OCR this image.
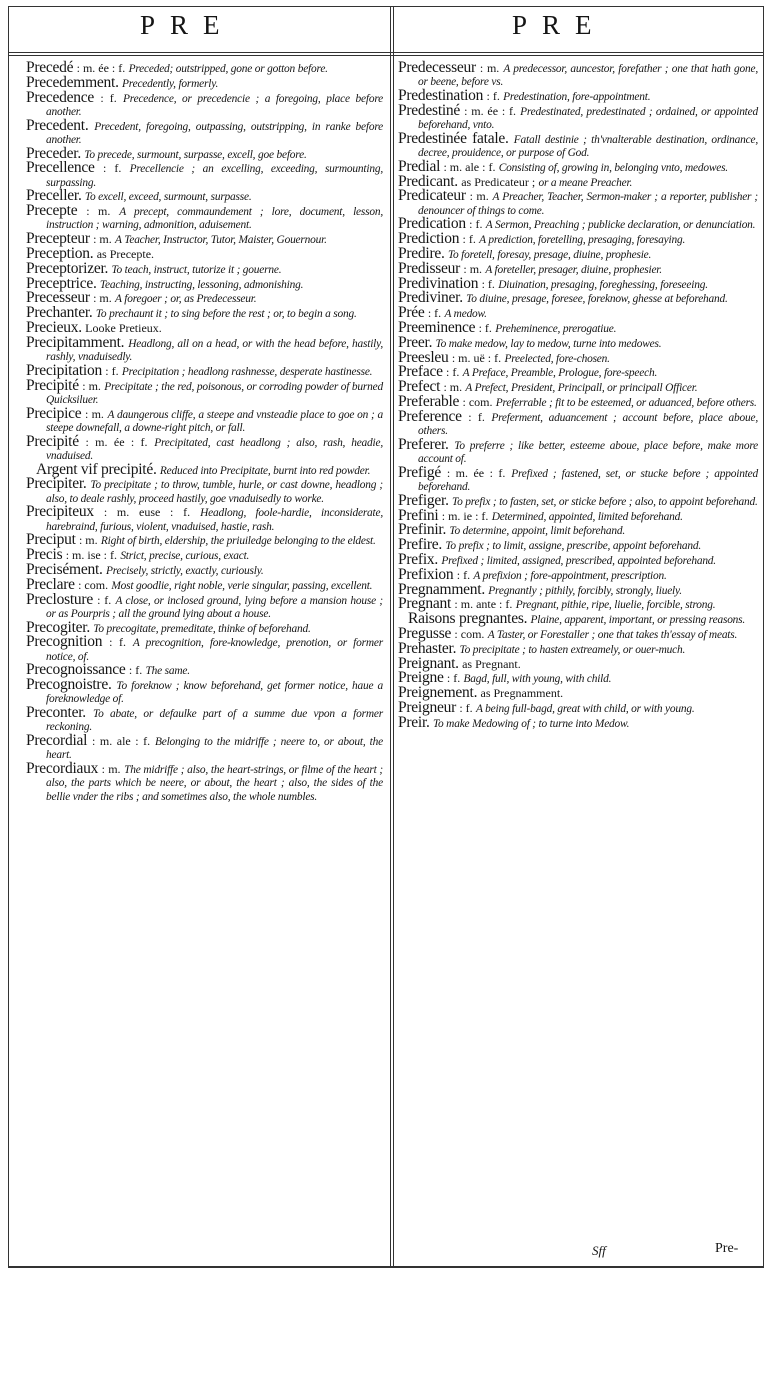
PRE	PRE

Precedé : m. ée : f. Preceded; outstripped, gone or gotton before.

Precedemment. Precedently, formerly.

Precedence : f. Precedence, or precedencie ; a foregoing, place before another.

Precedent. Precedent, foregoing, outpassing, outstripping, in ranke before another.

Preceder. To precede, surmount, surpasse, excell, goe before.

Precellence : f. Precellencie ; an excelling, exceeding, surmounting, surpassing.

Preceller. To excell, exceed, surmount, surpasse.

Precepte : m. A precept, commaundement ; lore, document, lesson, instruction ; warning, admonition, aduisement.

Precepteur : m. A Teacher, Instructor, Tutor, Maister, Gouernour.

Preception. as Precepte.

Preceptorizer. To teach, instruct, tutorize it ; gouerne.

Preceptrice. Teaching, instructing, lessoning, admonishing.

Precesseur : m. A foregoer ; or, as Predecesseur.

Prechanter. To prechaunt it ; to sing before the rest ; or, to begin a song.

Precieux. Looke Pretieux.

Precipitamment. Headlong, all on a head, or with the head before, hastily, rashly, vnaduisedly.

Precipitation : f. Precipitation ; headlong rashnesse, desperate hastinesse.

Precipité : m. Precipitate ; the red, poisonous, or corroding powder of burned Quicksiluer.

Precipice : m. A daungerous cliffe, a steepe and vnsteadie place to goe on ; a steepe downefall, a downe-right pitch, or fall.

Precipité : m. ée : f. Precipitated, cast headlong ; also, rash, headie, vnaduised.

Argent vif precipité. Reduced into Precipitate, burnt into red powder.

Precipiter. To precipitate ; to throw, tumble, hurle, or cast downe, headlong ; also, to deale rashly, proceed hastily, goe vnaduisedly to worke.

Precipiteux : m. euse : f. Headlong, foole-hardie, inconsiderate, harebraind, furious, violent, vnaduised, hastie, rash.

Preciput : m. Right of birth, eldership, the priuiledge belonging to the eldest.

Precis : m. ise : f. Strict, precise, curious, exact.

Precisément. Precisely, strictly, exactly, curiously.

Preclare : com. Most goodlie, right noble, verie singular, passing, excellent.

Preclosture : f. A close, or inclosed ground, lying before a mansion house ; or as Pourpris ; all the ground lying about a house.

Precogiter. To precogitate, premeditate, thinke of beforehand.

Precognition : f. A precognition, fore-knowledge, prenotion, or former notice, of.

Precognoissance : f. The same.

Precognoistre. To foreknow ; know beforehand, get former notice, haue a foreknowledge of.

Preconter. To abate, or defaulke part of a summe due vpon a former reckoning.

Precordial : m. ale : f. Belonging to the midriffe ; neere to, or about, the heart.

Precordiaux : m. The midriffe ; also, the heart-strings, or filme of the heart ; also, the parts which be neere, or about, the heart ; also, the sides of the bellie vnder the ribs ; and sometimes also, the whole numbles.

Predecesseur : m. A predecessor, auncestor, forefather ; one that hath gone, or beene, before vs.

Predestination : f. Predestination, fore-appointment.

Predestiné : m. ée : f. Predestinated, predestinated ; ordained, or appointed beforehand, vnto.

Predestinée fatale. Fatall destinie ; th'vnalterable destination, ordinance, decree, prouidence, or purpose of God.

Predial : m. ale : f. Consisting of, growing in, belonging vnto, medowes.

Predicant. as Predicateur ; or a meane Preacher.

Predicateur : m. A Preacher, Teacher, Sermon-maker ; a reporter, publisher ; denouncer of things to come.

Predication : f. A Sermon, Preaching ; publicke declaration, or denunciation.

Prediction : f. A prediction, foretelling, presaging, foresaying.

Predire. To foretell, foresay, presage, diuine, prophesie.

Predisseur : m. A foreteller, presager, diuine, prophesier.

Predivination : f. Diuination, presaging, foreghessing, foreseeing.

Prediviner. To diuine, presage, foresee, foreknow, ghesse at beforehand.

Prée : f. A medow.

Preeminence : f. Preheminence, prerogatiue.

Preer. To make medow, lay to medow, turne into medowes.

Preesleu : m. uë : f. Preelected, fore-chosen.

Preface : f. A Preface, Preamble, Prologue, fore-speech.

Prefect : m. A Prefect, President, Principall, or principall Officer.

Preferable : com. Preferrable ; fit to be esteemed, or aduanced, before others.

Preference : f. Preferment, aduancement ; account before, place aboue, others.

Preferer. To preferre ; like better, esteeme aboue, place before, make more account of.

Prefigé : m. ée : f. Prefixed ; fastened, set, or stucke before ; appointed beforehand.

Prefiger. To prefix ; to fasten, set, or sticke before ; also, to appoint beforehand.

Prefini : m. ie : f. Determined, appointed, limited beforehand.

Prefinir. To determine, appoint, limit beforehand.

Prefire. To prefix ; to limit, assigne, prescribe, appoint beforehand.

Prefix. Prefixed ; limited, assigned, prescribed, appointed beforehand.

Prefixion : f. A prefixion ; fore-appointment, prescription.

Pregnamment. Pregnantly ; pithily, forcibly, strongly, liuely.

Pregnant : m. ante : f. Pregnant, pithie, ripe, liuelie, forcible, strong.

Raisons pregnantes. Plaine, apparent, important, or pressing reasons.

Pregusse : com. A Taster, or Forestaller ; one that takes th'essay of meats.

Prehaster. To precipitate ; to hasten extreamely, or ouer-much.

Preignant. as Pregnant.

Preigne : f. Bagd, full, with young, with child.

Preignement. as Pregnamment.

Preigneur : f. A being full-bagd, great with child, or with young.

Preir. To make Medowing of ; to turne into Medow.

Sff	Pre-
